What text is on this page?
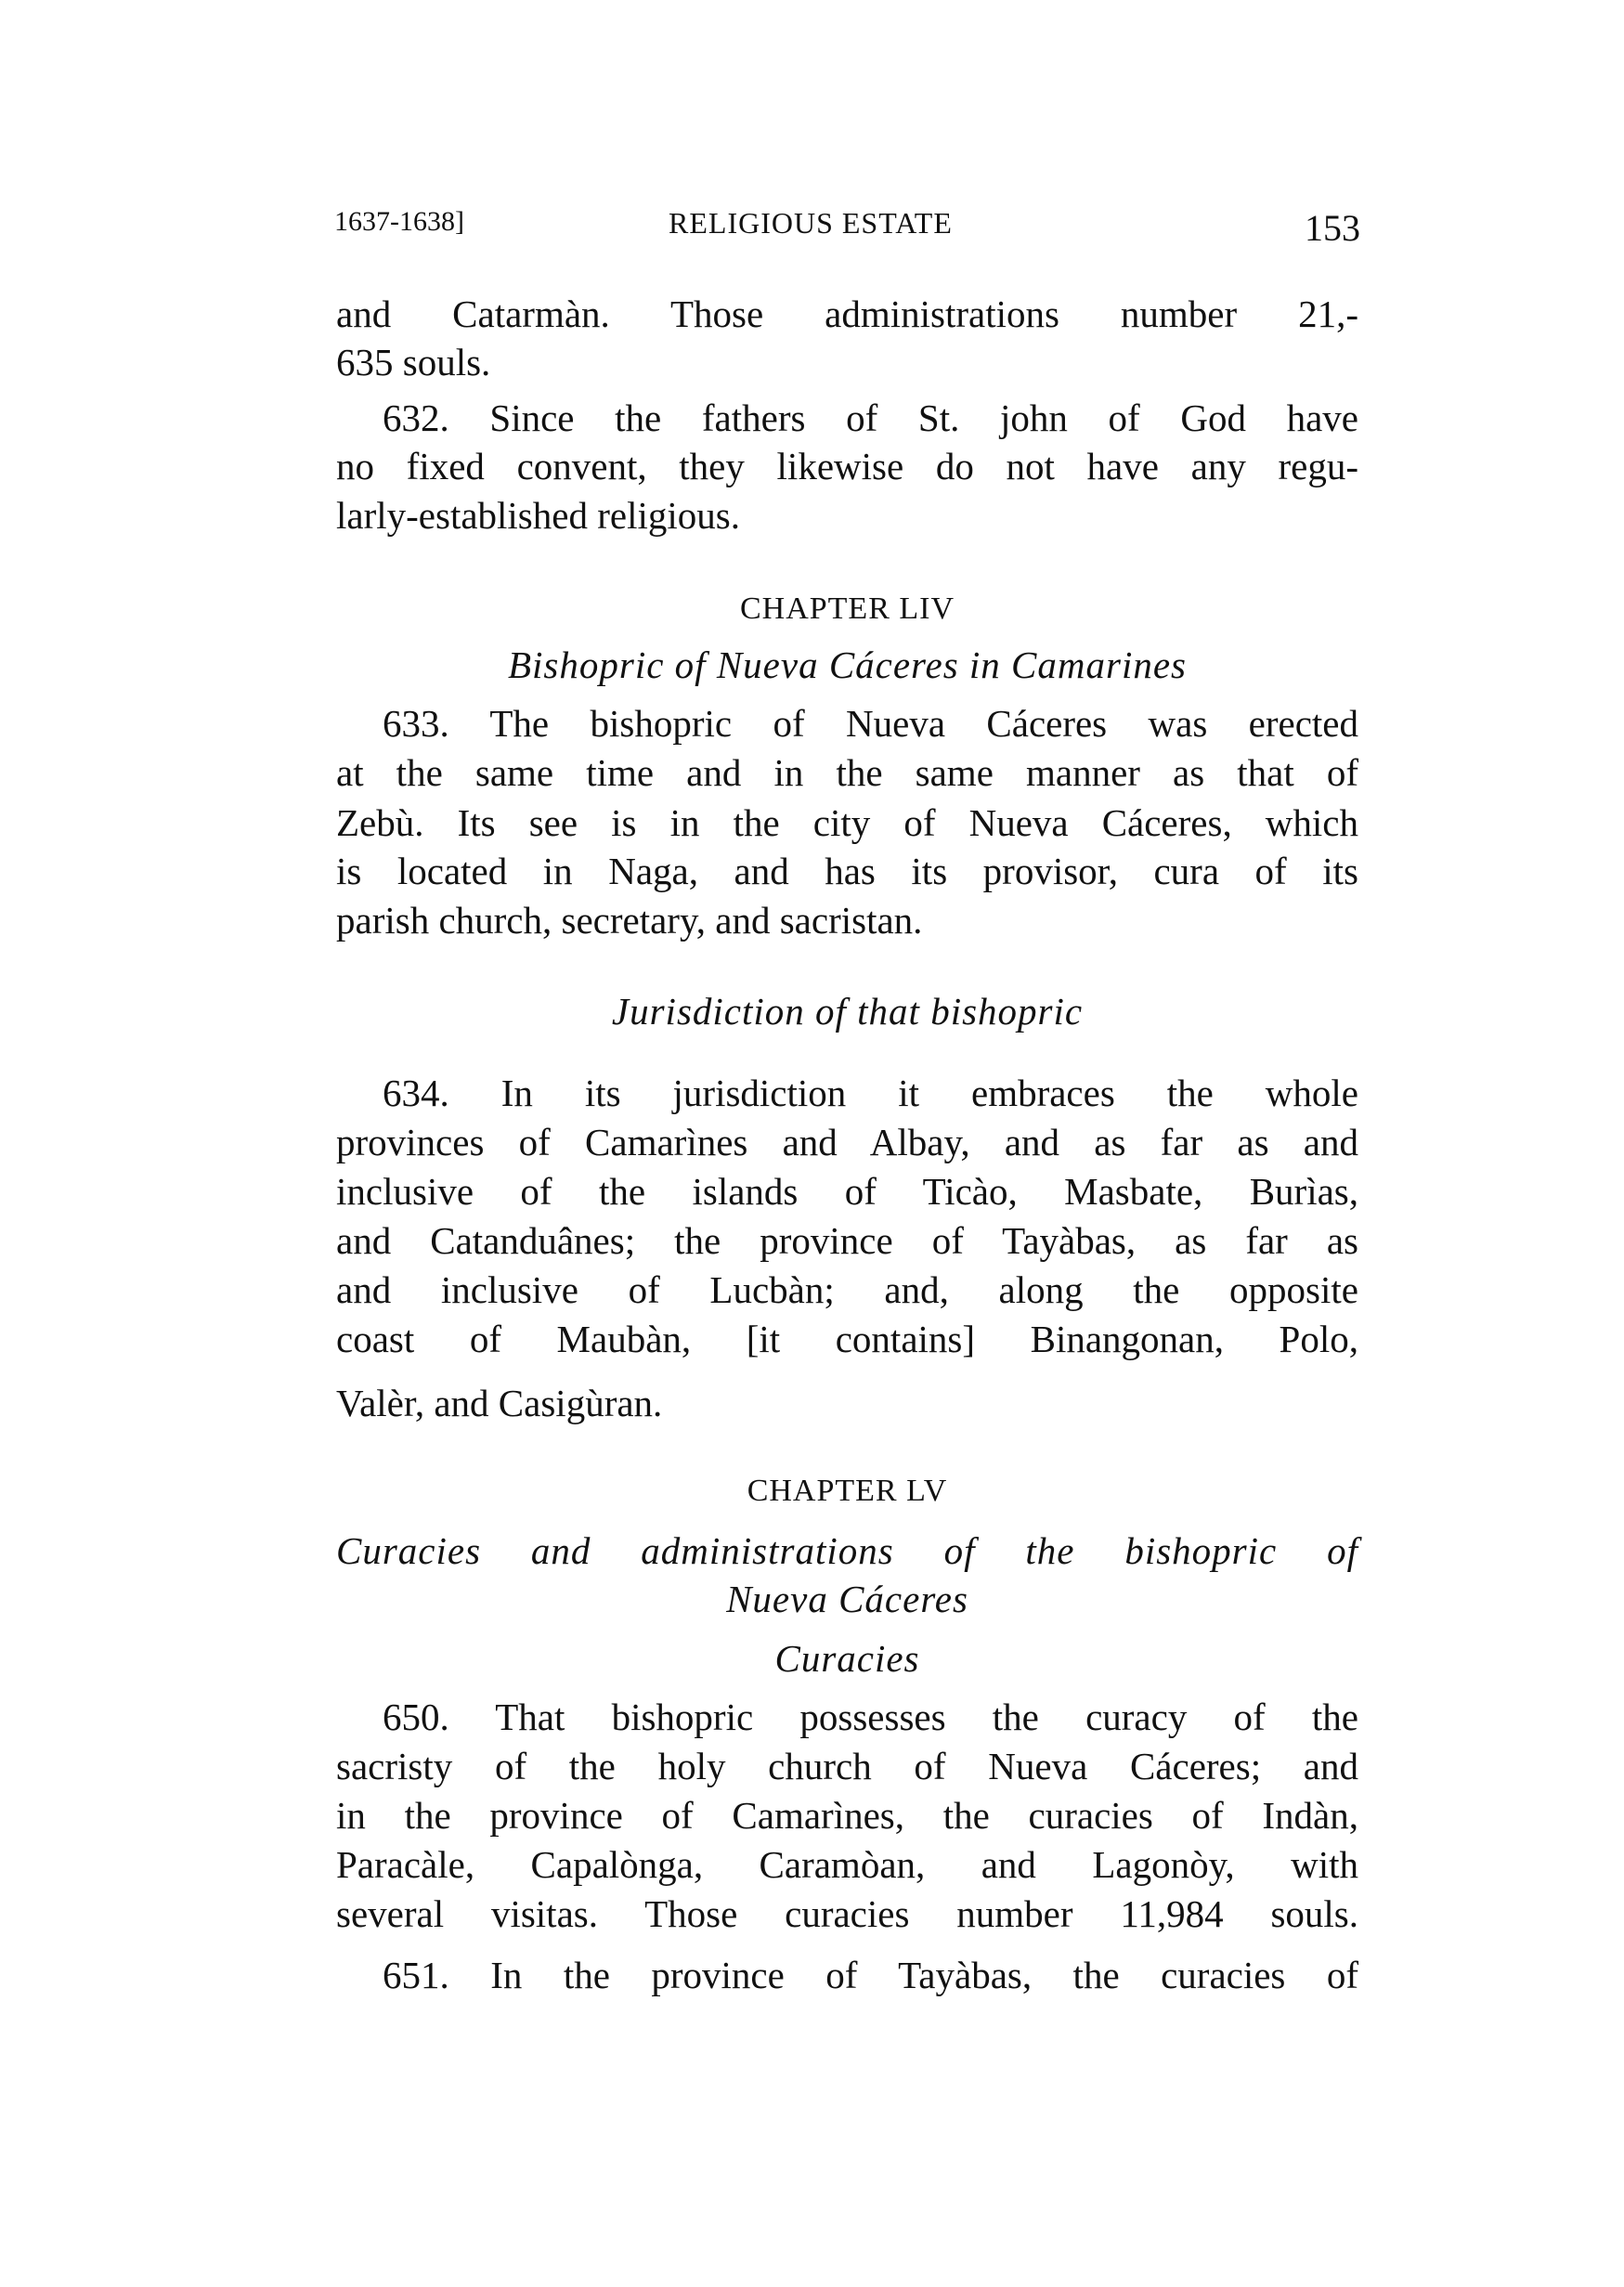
1637-1638]	RELIGIOUS ESTATE	153
and Catarmàn. Those administrations number 21,-
635 souls.
632. Since the fathers of St. john of God have
no fixed convent, they likewise do not have any regu-
larly-established religious.
CHAPTER LIV
Bishopric of Nueva Cáceres in Camarines
633. The bishopric of Nueva Cáceres was erected
at the same time and in the same manner as that of
Zebù. Its see is in the city of Nueva Cáceres, which
is located in Naga, and has its provisor, cura of its
parish church, secretary, and sacristan.
Jurisdiction of that bishopric
634. In its jurisdiction it embraces the whole
provinces of Camarìnes and Albay, and as far as and
inclusive of the islands of Ticào, Masbate, Burìas,
and Catanduânes; the province of Tayàbas, as far as
and inclusive of Lucbàn; and, along the opposite
coast of Maubàn, [it contains] Binangonan, Polo,
Valèr, and Casigùran.
CHAPTER LV
Curacies and administrations of the bishopric of
Nueva Cáceres
Curacies
650. That bishopric possesses the curacy of the
sacristy of the holy church of Nueva Cáceres; and
in the province of Camarìnes, the curacies of Indàn,
Paracàle, Capalònga, Caramòan, and Lagonòy, with
several visitas. Those curacies number 11,984 souls.
651. In the province of Tayàbas, the curacies of
